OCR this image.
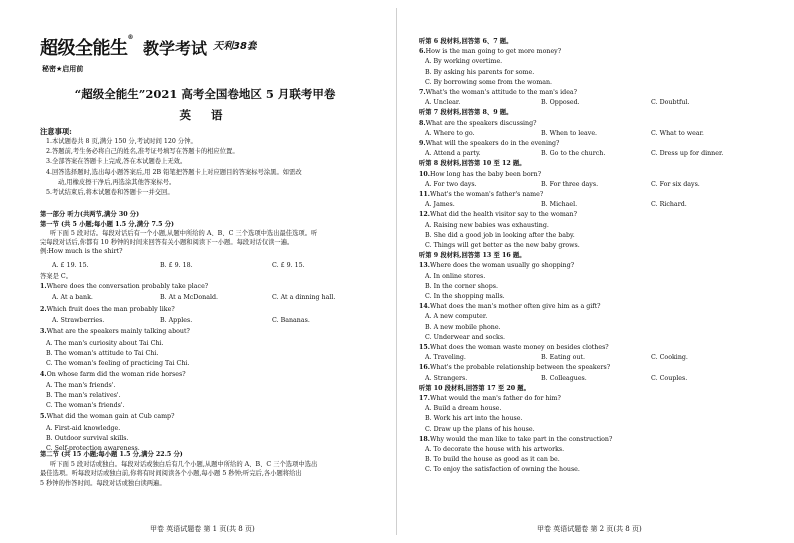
超级全能生®
教学考试 天利38套
秘密★启用前
“超级全能生”2021 高考全国卷地区 5 月联考甲卷
英 语
注意事项:
甲卷 英语试题卷 第 1 页(共 8 页)	甲卷 英语试题卷 第 2 页(共 8 页)
1.本试题卷共 8 页,满分 150 分,考试时间 120 分钟。
2.答题前,考生务必将自己的姓名,准考证号填写在答题卡的相应位置。
3.全部答案在答题卡上完成,答在本试题卷上无效。
4.回答选择题时,选出每小题答案后,用 2B 铅笔把答题卡上对应题目的答案标号涂黑。如需改
动,用橡皮擦干净后,再选涂其他答案标号。
5.考试结束后,将本试题卷和答题卡一并交回。
第一部分 听力(共两节,满分 30 分)
第一节 (共 5 小题;每小题 1.5 分,满分 7.5 分)
听下面 5 段对话。每段对话后有一个小题,从题中所给的 A、B、C 三个选项中选出最佳选项。听
完每段对话后,你都有 10 秒钟的时间来回答有关小题和阅读下一小题。每段对话仅读一遍。
例:How much is the shirt?
A. £ 19. 15.	B. £ 9. 18.	C. £ 9. 15.
答案是 C。
1.Where does the conversation probably take place?
A. At a bank.	B. At a McDonald.	C. At a dinning hall.
2.Which fruit does the man probably like?
A. Strawberries.	B. Apples.	C. Bananas.
3.What are the speakers mainly talking about?
A. The man's curiosity about Tai Chi.
B. The woman's attitude to Tai Chi.
C. The woman's feeling of practicing Tai Chi.
4.On whose farm did the woman ride horses?
A. The man's friends'.
B. The man's relatives'.
C. The woman's friends'.
5.What did the woman gain at Cub camp?
A. First-aid knowledge.
B. Outdoor survival skills.
C. Self-protection awareness.
第二节 (共 15 小题;每小题 1.5 分,满分 22.5 分)
听下面 5 段对话或独白。每段对话或独白后有几个小题,从题中所给的 A、B、C 三个选项中选出
最佳选项。听每段对话或独白前,你将有时间阅读各个小题,每小题 5 秒钟;听完后,各小题将给出
5 秒钟的作答时间。每段对话或独白读两遍。
听第 6 段材料,回答第 6、7 题。
6.How is the man going to get more money?
A. By working overtime.
B. By asking his parents for some.
C. By borrowing some from the woman.
7.What's the woman's attitude to the man's idea?
A. Unclear.	B. Opposed.	C. Doubtful.
听第 7 段材料,回答第 8、9 题。
8.What are the speakers discussing?
A. Where to go.	B. When to leave.	C. What to wear.
9.What will the speakers do in the evening?
A. Attend a party.	B. Go to the church.	C. Dress up for dinner.
听第 8 段材料,回答第 10 至 12 题。
10.How long has the baby been born?
A. For two days.	B. For three days.	C. For six days.
11.What's the woman's father's name?
A. James.	B. Michael.	C. Richard.
12.What did the health visitor say to the woman?
A. Raising new babies was exhausting.
B. She did a good job in looking after the baby.
C. Things will get better as the new baby grows.
听第 9 段材料,回答第 13 至 16 题。
13.Where does the woman usually go shopping?
A. In online stores.
B. In the corner shops.
C. In the shopping malls.
14.What does the man's mother often give him as a gift?
A. A new computer.
B. A new mobile phone.
C. Underwear and socks.
15.What does the woman waste money on besides clothes?
A. Traveling.	B. Eating out.	C. Cooking.
16.What's the probable relationship between the speakers?
A. Strangers.	B. Colleagues.	C. Couples.
听第 10 段材料,回答第 17 至 20 题。
17.What would the man's father do for him?
A. Build a dream house.
B. Work his art into the house.
C. Draw up the plans of his house.
18.Why would the man like to take part in the construction?
A. To decorate the house with his artworks.
B. To build the house as good as it can be.
C. To enjoy the satisfaction of owning the house.
